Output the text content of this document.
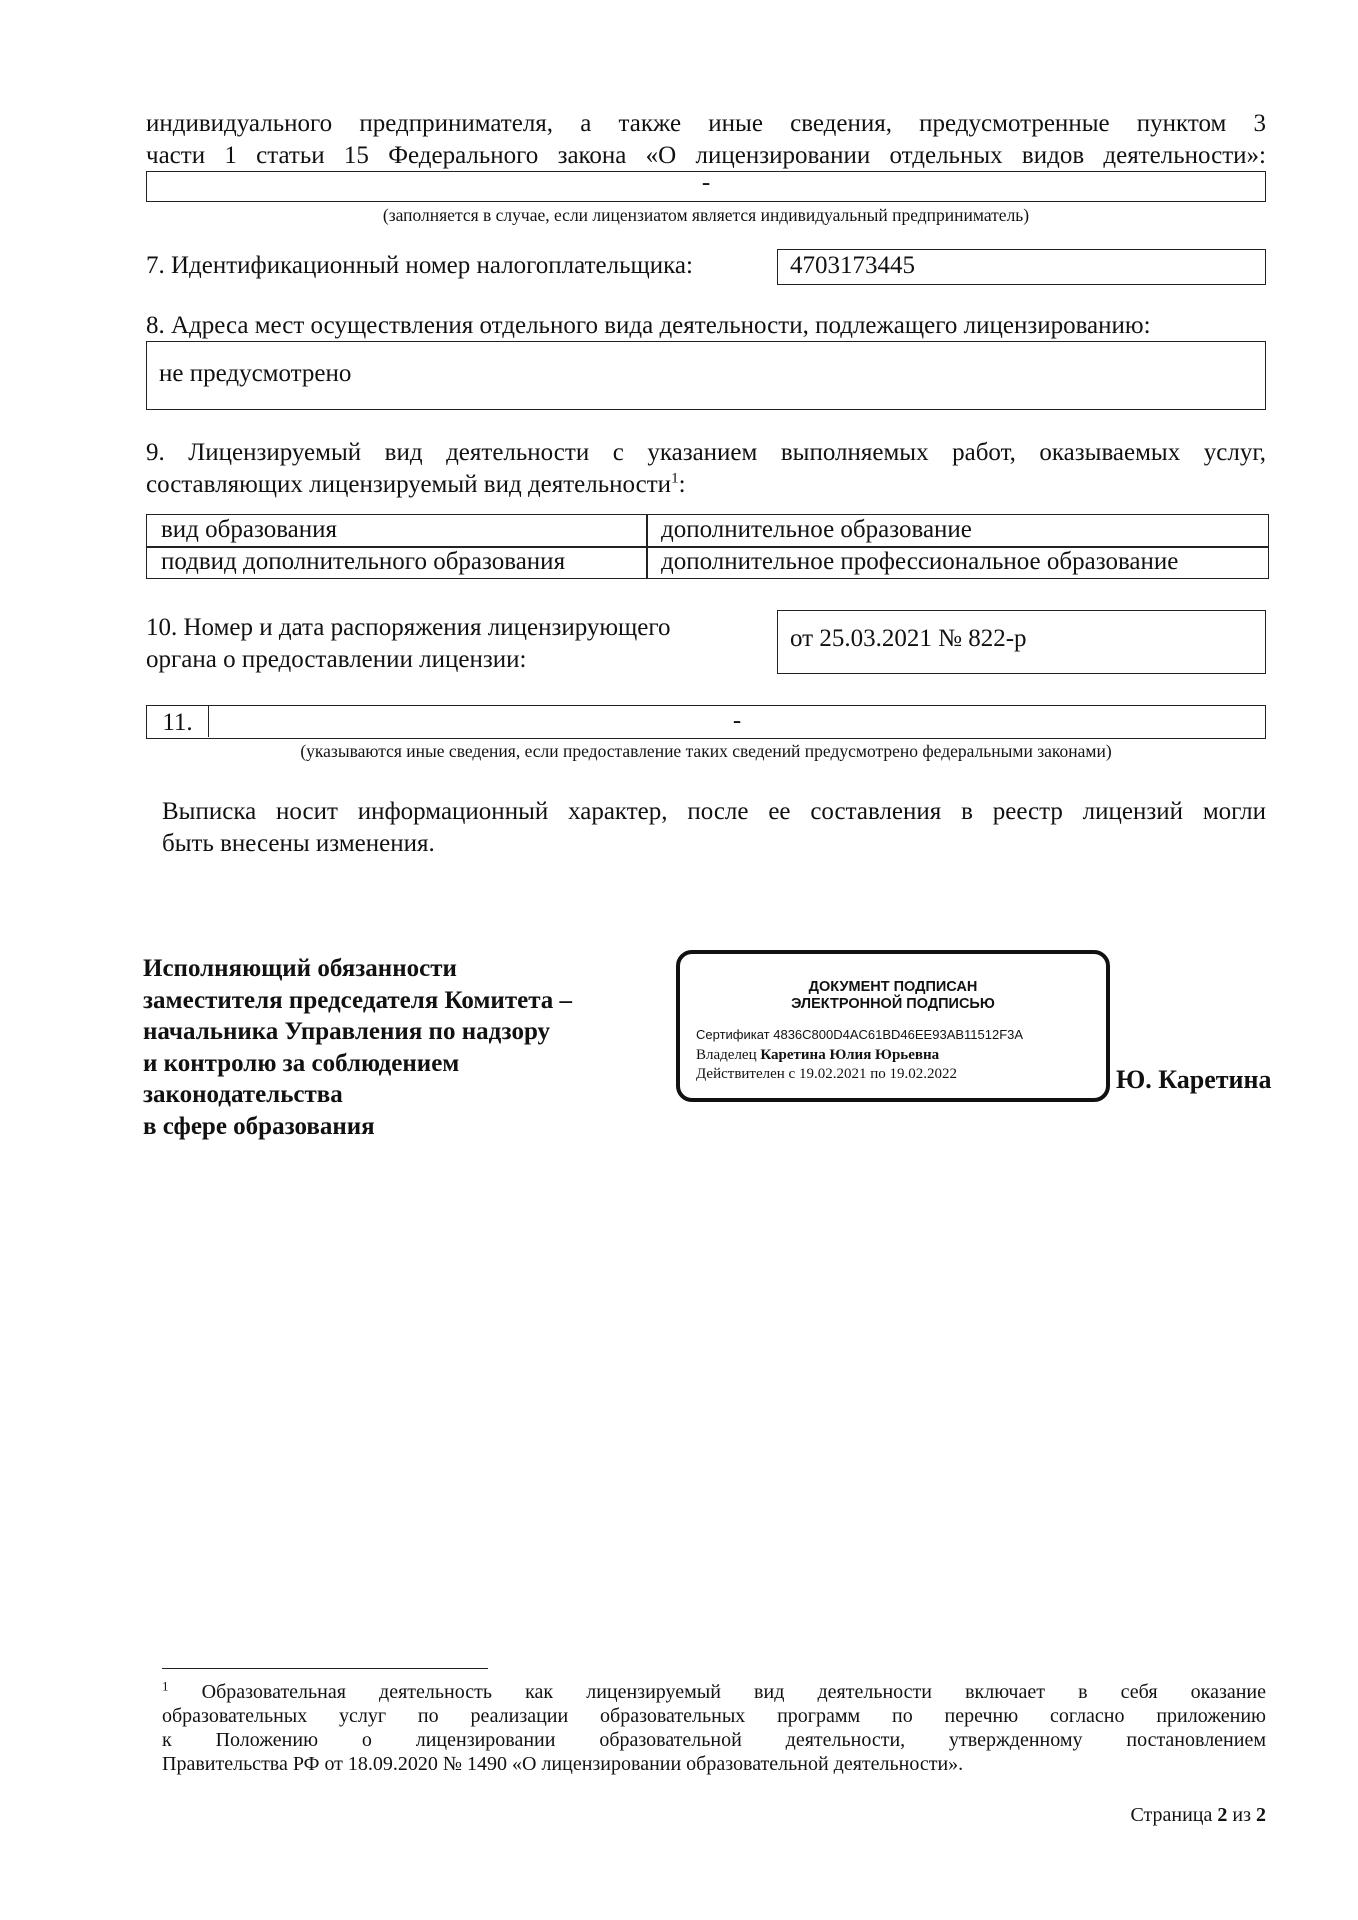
индивидуального предпринимателя, а также иные сведения, предусмотренные пунктом 3
части 1 статьи 15 Федерального закона «О лицензировании отдельных видов деятельности»:
-
(заполняется в случае, если лицензиатом является индивидуальный предприниматель)
7. Идентификационный номер налогоплательщика:	4703173445
8. Адреса мест осуществления отдельного вида деятельности, подлежащего лицензированию:
не предусмотрено
9. Лицензируемый вид деятельности с указанием выполняемых работ, оказываемых услуг,
составляющих лицензируемый вид деятельности$^1$:
вид образования	дополнительное образование
подвид дополнительного образования	дополнительное профессиональное образование
10. Номер и дата распоряжения лицензирующего
органа о предоставлении лицензии:
от 25.03.2021 № 822-р
11.	-
(указываются иные сведения, если предоставление таких сведений предусмотрено федеральными законами)
Выписка носит информационный характер, после ее составления в реестр лицензий могли
быть внесены изменения.
Исполняющий обязанности
заместителя председателя Комитета –
начальника Управления по надзору
и контролю за соблюдением
законодательства
в сфере образования
Ю. Каретина
ДОКУМЕНТ ПОДПИСАН
ЭЛЕКТРОННОЙ ПОДПИСЬЮ
Сертификат 4836C800D4AC61BD46EE93AB11512F3A
Владелец Каретина Юлия Юрьевна
Действителен с 19.02.2021 по 19.02.2022
$^1$ Образовательная деятельность как лицензируемый вид деятельности включает в себя оказание
образовательных услуг по реализации образовательных программ по перечню согласно приложению
к Положению о лицензировании образовательной деятельности, утвержденному постановлением
Правительства РФ от 18.09.2020 № 1490 «О лицензировании образовательной деятельности».
Страница 2 из 2
